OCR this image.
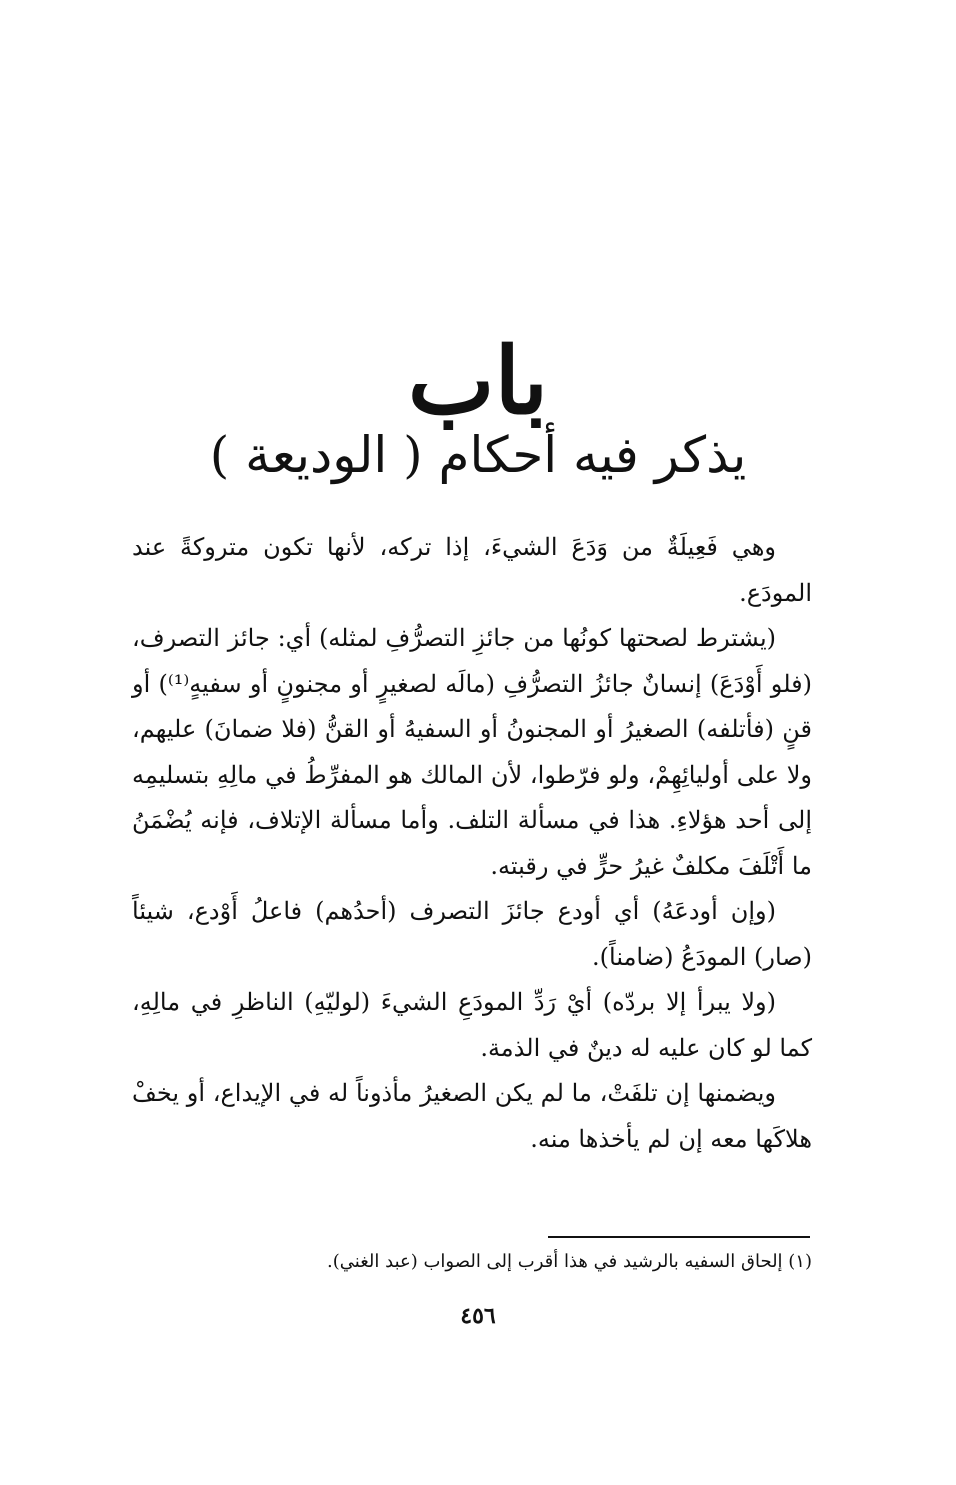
باب
يذكر فيه أحكام ( الوديعة )

وهي فَعِيلَةٌ من وَدَعَ الشيءَ، إذا تركه، لأنها تكون متروكةً عند المودَع.

(يشترط لصحتها كونُها من جائزِ التصرُّفِ لمثله) أي: جائز التصرف، (فلو أَوْدَعَ) إنسانٌ جائزُ التصرُّفِ (مالَه لصغيرٍ أو مجنونٍ أو سفيهٍ⁽¹⁾) أو قنٍ (فأتلفه) الصغيرُ أو المجنونُ أو السفيهُ أو القنُّ (فلا ضمانَ) عليهم، ولا على أوليائِهِمْ، ولو فرّطوا، لأن المالك هو المفرِّطُ في مالِهِ بتسليمِه إلى أحد هؤلاءِ. هذا في مسألة التلف. وأما مسألة الإتلاف، فإنه يُضْمَنُ ما أَتْلَفَ مكلفٌ غيرُ حرٍّ في رقبته.

(وإن أودعَهُ) أي أودع جائزَ التصرف (أحدُهم) فاعلُ أَوْدع، شيئاً (صار) المودَعُ (ضامناً).

(ولا يبرأ إلا بردّه) أيْ رَدِّ المودَعِ الشيءَ (لوليّهِ) الناظرِ في مالِهِ، كما لو كان عليه له دينٌ في الذمة.

ويضمنها إن تلفَتْ، ما لم يكن الصغيرُ مأذوناً له في الإيداع، أو يخفْ هلاكَها معه إن لم يأخذها منه.

(١) إلحاق السفيه بالرشيد في هذا أقرب إلى الصواب (عبد الغني).
٤٥٦
